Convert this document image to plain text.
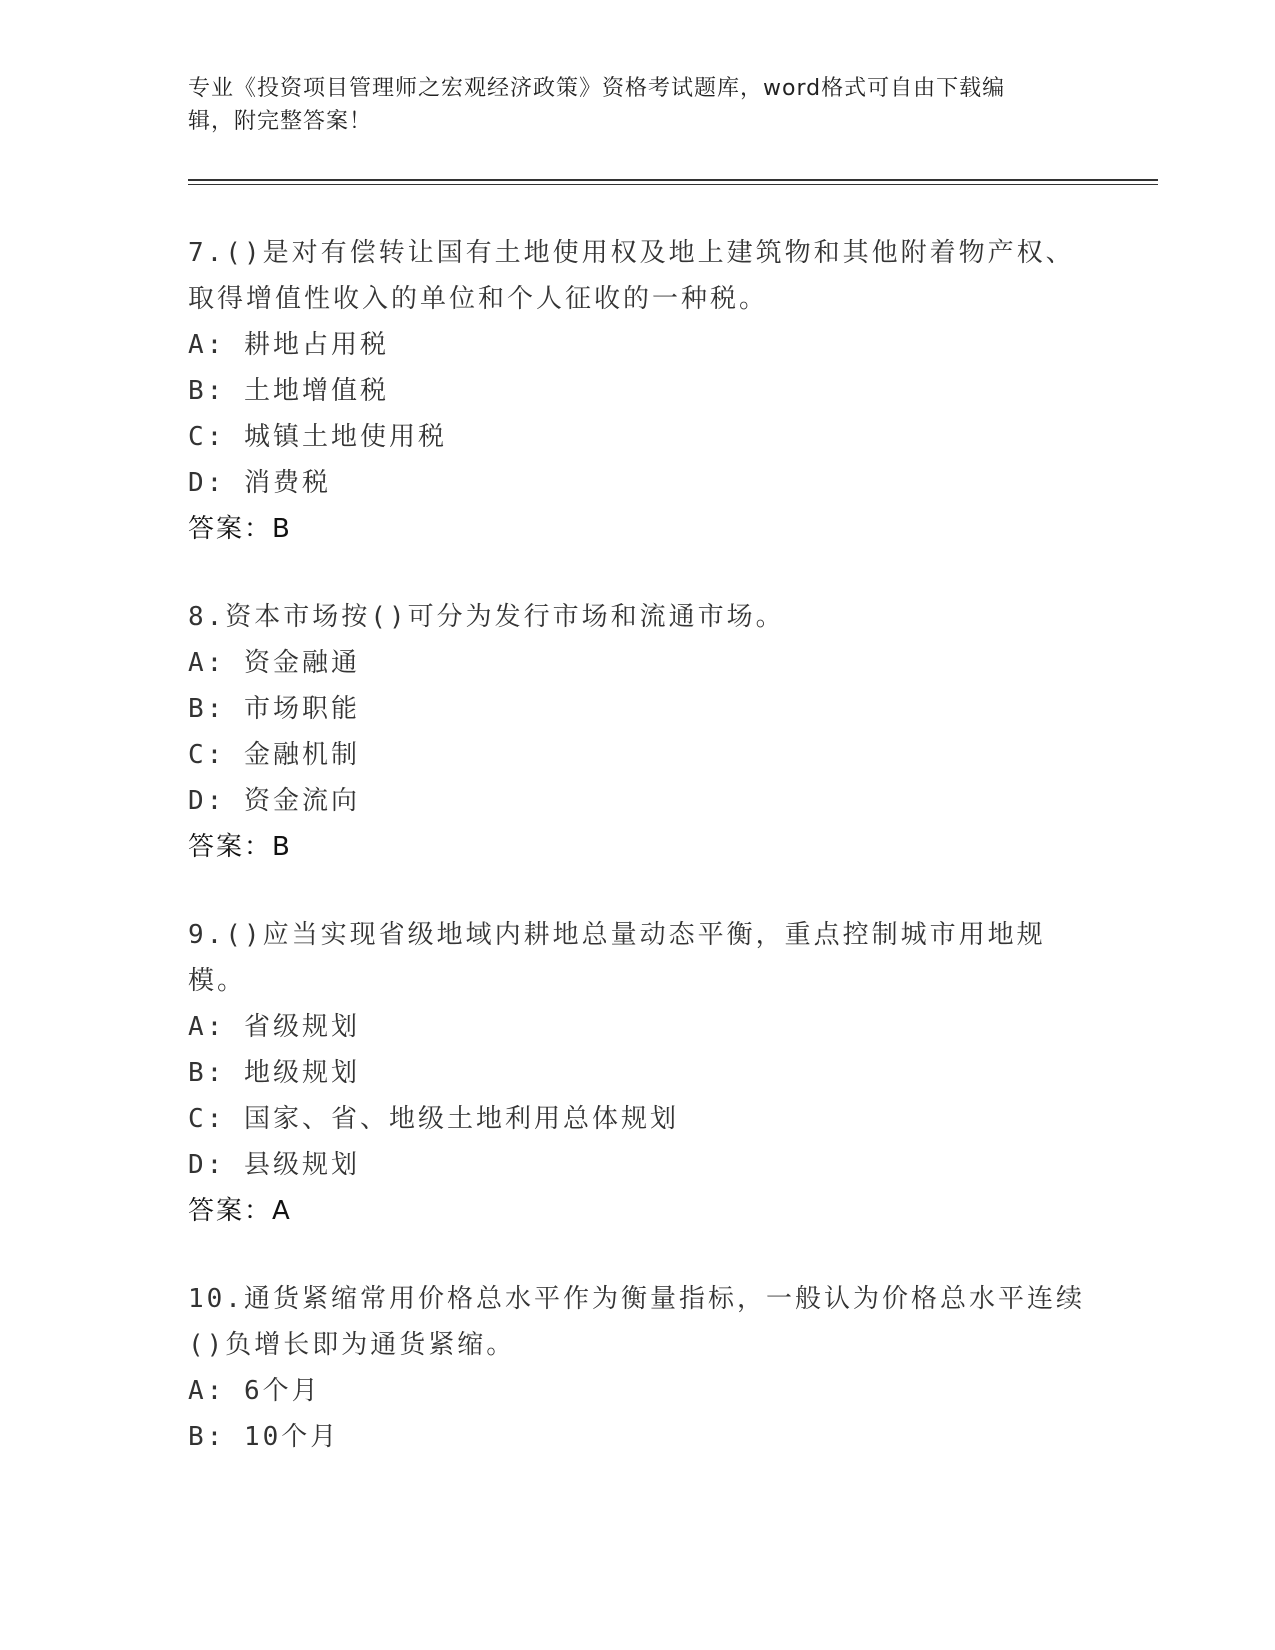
专业《投资项目管理师之宏观经济政策》资格考试题库，word格式可自由下载编
辑，附完整答案！

7.()是对有偿转让国有土地使用权及地上建筑物和其他附着物产权、取得增值性收入的单位和个人征收的一种税。

A: 耕地占用税

B: 土地增值税

C: 城镇土地使用税

D: 消费税

答案：B

8.资本市场按()可分为发行市场和流通市场。

A: 资金融通

B: 市场职能

C: 金融机制

D: 资金流向

答案：B

9.()应当实现省级地域内耕地总量动态平衡，重点控制城市用地规模。

A: 省级规划

B: 地级规划

C: 国家、省、地级土地利用总体规划

D: 县级规划

答案：A

10.通货紧缩常用价格总水平作为衡量指标，一般认为价格总水平连续()负增长即为通货紧缩。

A: 6个月

B: 10个月
